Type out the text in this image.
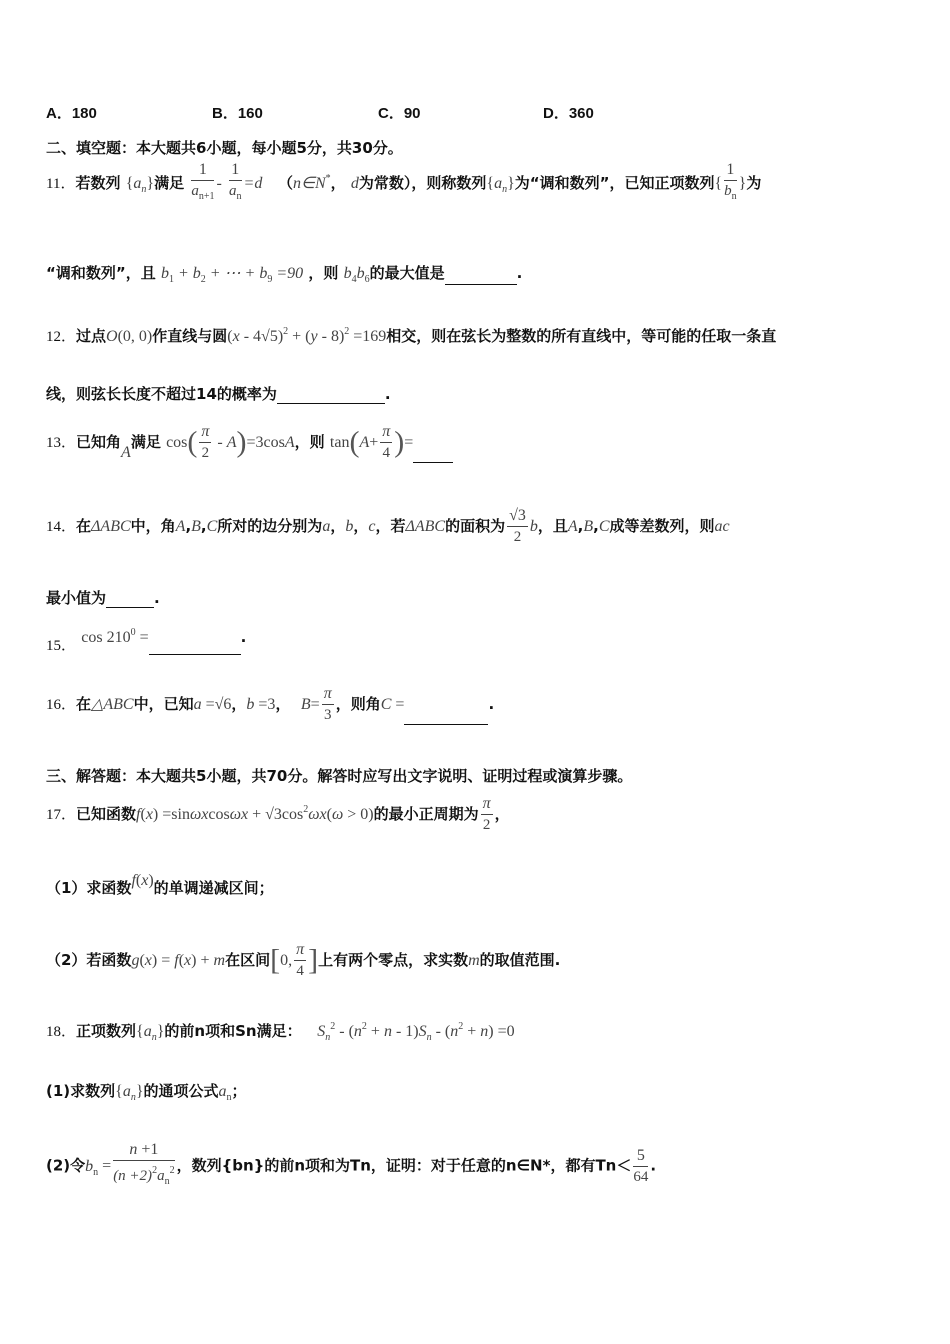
A．180	B．160	C．90	D．360
二、填空题：本大题共6小题，每小题5分，共30分。
11．若数列 $\{a_n\}$满足 $\frac{1}{a_{n+1}} - \frac{1}{a_n} =d$ （n∈N*， d为常数），则称数列$\{a_n\}$为“调和数列”，已知正项数列{ $\frac{1}{b_n}$ }为
“调和数列”，且 $b_1 + b_2$ + ⋯ + $b_9 =90$ ，则 $b_4b_6$的最大值是	.
12．过点O(0, 0)作直线与圆(x - 4√5)$^2$ + (y - 8)$^2$ =169相交，则在弦长为整数的所有直线中，等可能的任取一条直
线，则弦长长度不超过14的概率为	.
13．已知角A满足 $\cos( \frac{\pi}{2} - A)=3\cos A$，则 $\tan(A+ \frac{\pi}{4}$ )=
14．在ΔABC中，角A,B,C所对的边分别为a，b，c，若ΔABC的面积为 $\frac{√3}{2}$ b，且A,B,C成等差数列，则ac
最小值为	.
15． $\cos 210^0$ =	.
16．在△ABC中，已知a =√6，b =3，  $B= \frac{\pi}{3}$ ，则角C =	.
三、解答题：本大题共5小题，共70分。解答时应写出文字说明、证明过程或演算步骤。
17．已知函数$f(x) =\sin\omega xcos\omega x + √3\cos^2\omega x(\omega > 0)$的最小正周期为 $\frac{\pi}{2}$ ，
（1）求函数f(x)的单调递减区间；
（2）若函数g(x) = f(x) + m在区间[0, $\frac{\pi}{4}$ ]上有两个零点，求实数m的取值范围.
18．正项数列$\{a_n\}$的前n项和Sn满足： $S_n^2 - (n^2 + n - 1)S_n - (n^2 + n) =0$
(1)求数列$\{a_n\}$的通项公式$a_n$；
(2)令$b_n = \frac{n +1}{(n +2)^2a_n^2}$ ，数列{bn}的前n项和为Tn，证明：对于任意的n∈N*，都有$Tn< \frac{5}{64}$ .
